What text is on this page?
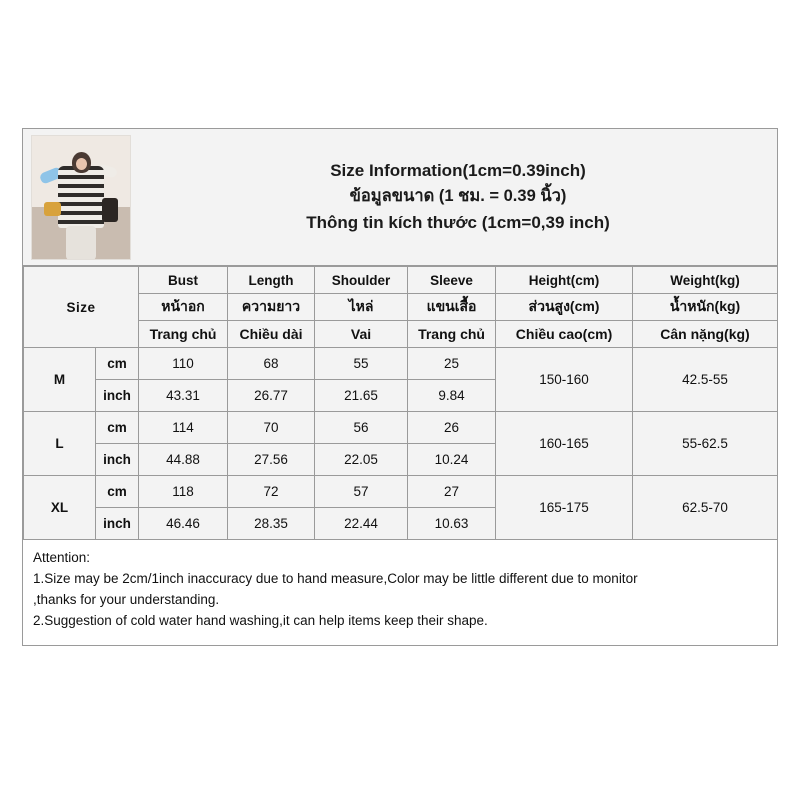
Size Information(1cm=0.39inch)
ข้อมูลขนาด (1 ชม. = 0.39 นิ้ว)
Thông tin kích thước (1cm=0,39 inch)
Size		Bust	Length	Shoulder	Sleeve	Height(cm)	Weight(kg)
		หน้าอก	ความยาว	ไหล่	แขนเสื้อ	ส่วนสูง(cm)	น้ำหนัก(kg)
		Trang chủ	Chiều dài	Vai	Trang chủ	Chiều cao(cm)	Cân nặng(kg)
M	cm	110	68	55	25	150-160	42.5-55
	inch	43.31	26.77	21.65	9.84		
L	cm	114	70	56	26	160-165	55-62.5
	inch	44.88	27.56	22.05	10.24		
XL	cm	118	72	57	27	165-175	62.5-70
	inch	46.46	28.35	22.44	10.63		
Attention:
1.Size may be 2cm/1inch inaccuracy due to hand measure,Color may be little different due to monitor
,thanks for your understanding.
2.Suggestion of cold water hand washing,it can help items keep their shape.
